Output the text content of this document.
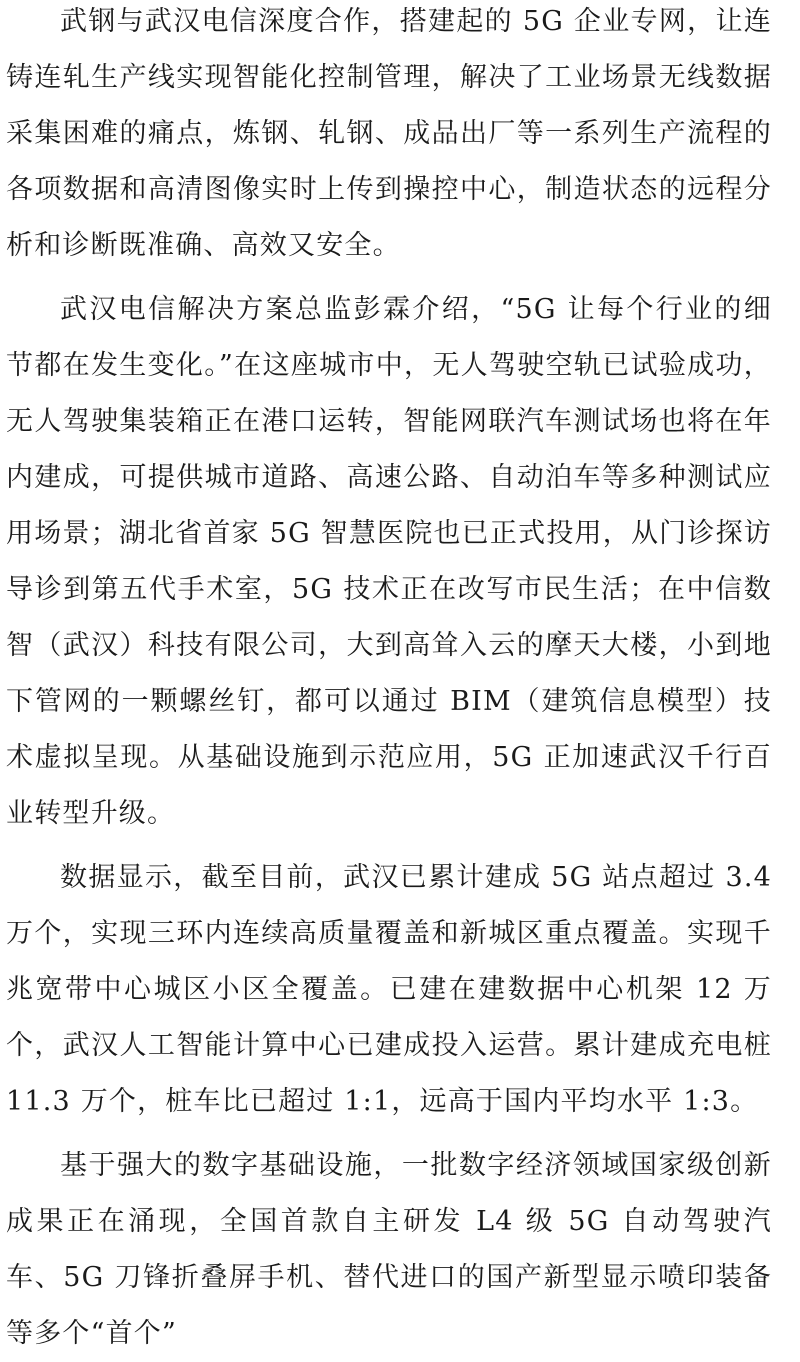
武钢与武汉电信深度合作，搭建起的 5G 企业专网，让连铸连轧生产线实现智能化控制管理，解决了工业场景无线数据采集困难的痛点，炼钢、轧钢、成品出厂等一系列生产流程的各项数据和高清图像实时上传到操控中心，制造状态的远程分析和诊断既准确、高效又安全。

武汉电信解决方案总监彭霖介绍，“5G 让每个行业的细节都在发生变化。”在这座城市中，无人驾驶空轨已试验成功，无人驾驶集装箱正在港口运转，智能网联汽车测试场也将在年内建成，可提供城市道路、高速公路、自动泊车等多种测试应用场景；湖北省首家 5G 智慧医院也已正式投用，从门诊探访导诊到第五代手术室，5G 技术正在改写市民生活；在中信数智（武汉）科技有限公司，大到高耸入云的摩天大楼，小到地下管网的一颗螺丝钉，都可以通过 BIM（建筑信息模型）技术虚拟呈现。从基础设施到示范应用，5G 正加速武汉千行百业转型升级。

数据显示，截至目前，武汉已累计建成 5G 站点超过 3.4 万个，实现三环内连续高质量覆盖和新城区重点覆盖。实现千兆宽带中心城区小区全覆盖。已建在建数据中心机架 12 万个，武汉人工智能计算中心已建成投入运营。累计建成充电桩 11.3 万个，桩车比已超过 1:1，远高于国内平均水平 1:3。

基于强大的数字基础设施，一批数字经济领域国家级创新成果正在涌现，全国首款自主研发 L4 级 5G 自动驾驶汽车、5G 刀锋折叠屏手机、替代进口的国产新型显示喷印装备等多个“首个”
